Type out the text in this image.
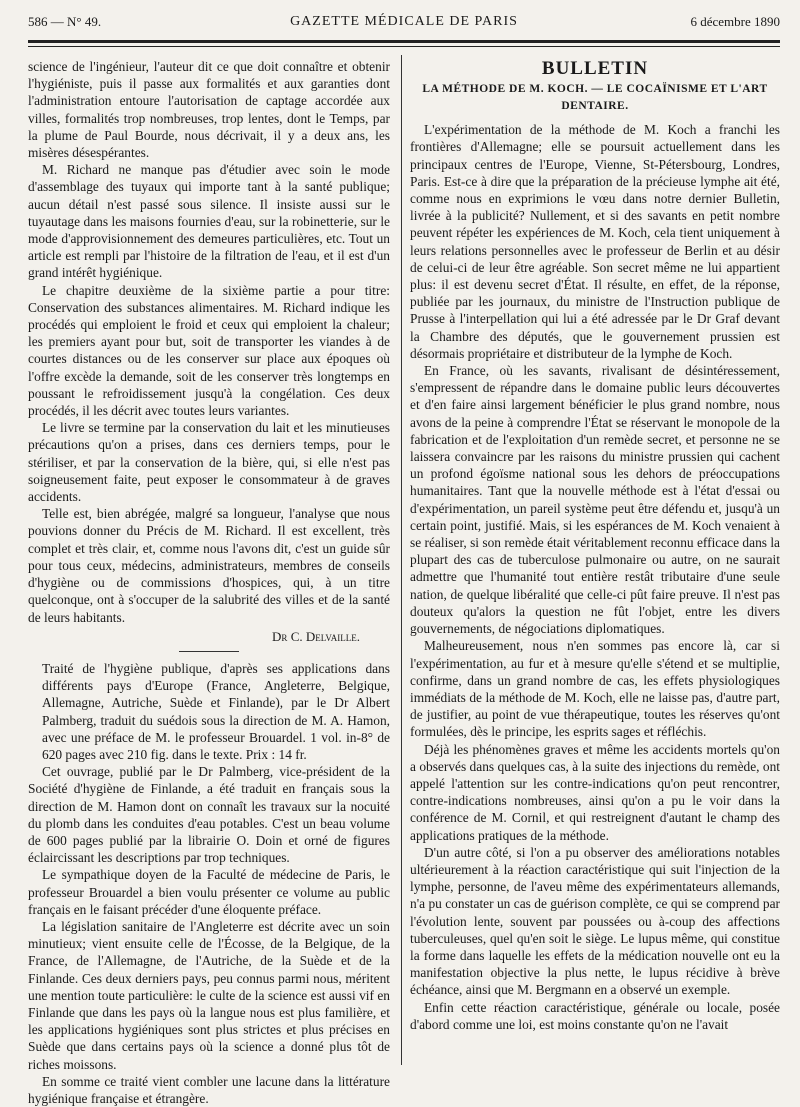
586 — N° 49.	GAZETTE MÉDICALE DE PARIS	6 décembre 1890

science de l'ingénieur, l'auteur dit ce que doit connaître et obtenir l'hygiéniste, puis il passe aux formalités et aux garanties dont l'administration entoure l'autorisation de captage accordée aux villes, formalités trop nombreuses, trop lentes, dont le Temps, par la plume de Paul Bourde, nous décrivait, il y a deux ans, les misères désespérantes.

M. Richard ne manque pas d'étudier avec soin le mode d'assemblage des tuyaux qui importe tant à la santé publique; aucun détail n'est passé sous silence. Il insiste aussi sur le tuyautage dans les maisons fournies d'eau, sur la robinetterie, sur le mode d'approvisionnement des demeures particulières, etc. Tout un article est rempli par l'histoire de la filtration de l'eau, et il est d'un grand intérêt hygiénique.

Le chapitre deuxième de la sixième partie a pour titre: Conservation des substances alimentaires. M. Richard indique les procédés qui emploient le froid et ceux qui emploient la chaleur; les premiers ayant pour but, soit de transporter les viandes à de courtes distances ou de les conserver sur place aux époques où l'offre excède la demande, soit de les conserver très longtemps en poussant le refroidissement jusqu'à la congélation. Ces deux procédés, il les décrit avec toutes leurs variantes.

Le livre se termine par la conservation du lait et les minutieuses précautions qu'on a prises, dans ces derniers temps, pour le stériliser, et par la conservation de la bière, qui, si elle n'est pas soigneusement faite, peut exposer le consommateur à de graves accidents.

Telle est, bien abrégée, malgré sa longueur, l'analyse que nous pouvions donner du Précis de M. Richard. Il est excellent, très complet et très clair, et, comme nous l'avons dit, c'est un guide sûr pour tous ceux, médecins, administrateurs, membres de conseils d'hygiène ou de commissions d'hospices, qui, à un titre quelconque, ont à s'occuper de la salubrité des villes et de la santé de leurs habitants.

Dr C. Delvaille.

Traité de l'hygiène publique, d'après ses applications dans différents pays d'Europe (France, Angleterre, Belgique, Allemagne, Autriche, Suède et Finlande), par le Dr Albert Palmberg, traduit du suédois sous la direction de M. A. Hamon, avec une préface de M. le professeur Brouardel. 1 vol. in-8° de 620 pages avec 210 fig. dans le texte. Prix : 14 fr.

Cet ouvrage, publié par le Dr Palmberg, vice-président de la Société d'hygiène de Finlande, a été traduit en français sous la direction de M. Hamon dont on connaît les travaux sur la nocuité du plomb dans les conduites d'eau potables. C'est un beau volume de 600 pages publié par la librairie O. Doin et orné de figures éclaircissant les descriptions par trop techniques.

Le sympathique doyen de la Faculté de médecine de Paris, le professeur Brouardel a bien voulu présenter ce volume au public français en le faisant précéder d'une éloquente préface.

La législation sanitaire de l'Angleterre est décrite avec un soin minutieux; vient ensuite celle de l'Écosse, de la Belgique, de la France, de l'Allemagne, de l'Autriche, de la Suède et de la Finlande. Ces deux derniers pays, peu connus parmi nous, méritent une mention toute particulière: le culte de la science est aussi vif en Finlande que dans les pays où la langue nous est plus familière, et les applications hygiéniques sont plus strictes et plus précises en Suède que dans certains pays où la science a donné plus tôt de riches moissons.

En somme ce traité vient combler une lacune dans la littérature hygiénique française et étrangère.

BULLETIN
LA MÉTHODE DE M. KOCH. — LE COCAÏNISME ET L'ART DENTAIRE.

L'expérimentation de la méthode de M. Koch a franchi les frontières d'Allemagne; elle se poursuit actuellement dans les principaux centres de l'Europe, Vienne, St-Pétersbourg, Londres, Paris. Est-ce à dire que la préparation de la précieuse lymphe ait été, comme nous en exprimions le vœu dans notre dernier Bulletin, livrée à la publicité? Nullement, et si des savants en petit nombre peuvent répéter les expériences de M. Koch, cela tient uniquement à leurs relations personnelles avec le professeur de Berlin et au désir de celui-ci de leur être agréable. Son secret même ne lui appartient plus: il est devenu secret d'État. Il résulte, en effet, de la réponse, publiée par les journaux, du ministre de l'Instruction publique de Prusse à l'interpellation qui lui a été adressée par le Dr Graf devant la Chambre des députés, que le gouvernement prussien est désormais propriétaire et distributeur de la lymphe de Koch.

En France, où les savants, rivalisant de désintéressement, s'empressent de répandre dans le domaine public leurs découvertes et d'en faire ainsi largement bénéficier le plus grand nombre, nous avons de la peine à comprendre l'État se réservant le monopole de la fabrication et de l'exploitation d'un remède secret, et personne ne se laissera convaincre par les raisons du ministre prussien qui cachent un profond égoïsme national sous les dehors de préoccupations humanitaires. Tant que la nouvelle méthode est à l'état d'essai ou d'expérimentation, un pareil système peut être défendu et, jusqu'à un certain point, justifié. Mais, si les espérances de M. Koch venaient à se réaliser, si son remède était véritablement reconnu efficace dans la plupart des cas de tuberculose pulmonaire ou autre, on ne saurait admettre que l'humanité tout entière restât tributaire d'une seule nation, de quelque libéralité que celle-ci pût faire preuve. Il n'est pas douteux qu'alors la question ne fût l'objet, entre les divers gouvernements, de négociations diplomatiques.

Malheureusement, nous n'en sommes pas encore là, car si l'expérimentation, au fur et à mesure qu'elle s'étend et se multiplie, confirme, dans un grand nombre de cas, les effets physiologiques immédiats de la méthode de M. Koch, elle ne laisse pas, d'autre part, de justifier, au point de vue thérapeutique, toutes les réserves qu'ont formulées, dès le principe, les esprits sages et réfléchis.

Déjà les phénomènes graves et même les accidents mortels qu'on a observés dans quelques cas, à la suite des injections du remède, ont appelé l'attention sur les contre-indications qu'on peut rencontrer, contre-indications nombreuses, ainsi qu'on a pu le voir dans la conférence de M. Cornil, et qui restreignent d'autant le champ des applications pratiques de la méthode.

D'un autre côté, si l'on a pu observer des améliorations notables ultérieurement à la réaction caractéristique qui suit l'injection de la lymphe, personne, de l'aveu même des expérimentateurs allemands, n'a pu constater un cas de guérison complète, ce qui se comprend par l'évolution lente, souvent par poussées ou à-coup des affections tuberculeuses, quel qu'en soit le siège. Le lupus même, qui constitue la forme dans laquelle les effets de la médication nouvelle ont eu la manifestation objective la plus nette, le lupus récidive à brève échéance, ainsi que M. Bergmann en a observé un exemple.

Enfin cette réaction caractéristique, générale ou locale, posée d'abord comme une loi, est moins constante qu'on ne l'avait
